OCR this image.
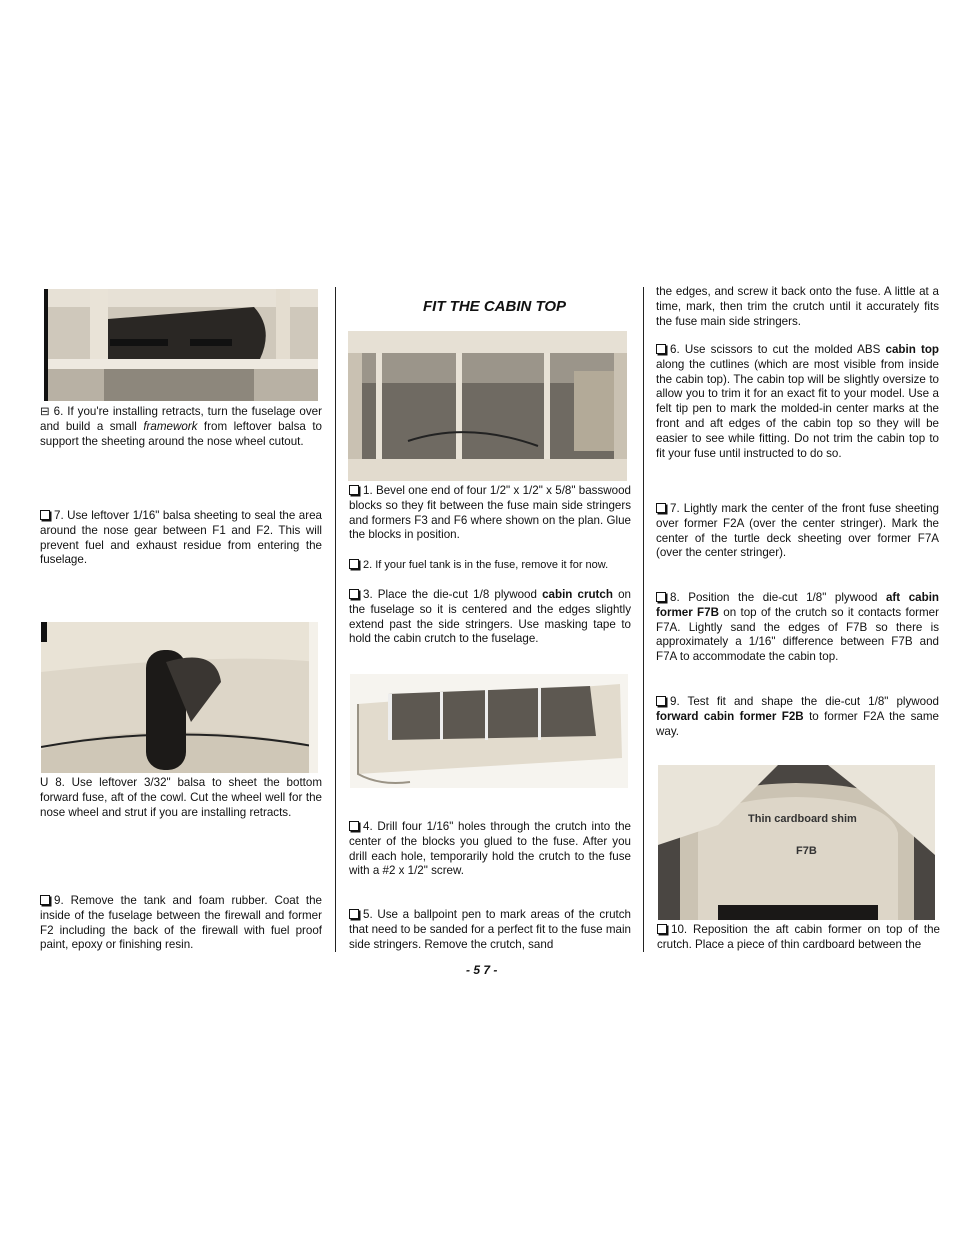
⊟ 6. If you're installing retracts, turn the fuselage over and build a small framework from leftover balsa to support the sheeting around the nose wheel cutout.

7. Use leftover 1/16" balsa sheeting to seal the area around the nose gear between F1 and F2. This will prevent fuel and exhaust residue from entering the fuselage.

U 8. Use leftover 3/32" balsa to sheet the bottom forward fuse, aft of the cowl. Cut the wheel well for the nose wheel and strut if you are installing retracts.

9. Remove the tank and foam rubber. Coat the inside of the fuselage between the firewall and former F2 including the back of the firewall with fuel proof paint, epoxy or finishing resin.

FIT THE CABIN TOP

1. Bevel one end of four 1/2" x 1/2" x 5/8" basswood blocks so they fit between the fuse main side stringers and formers F3 and F6 where shown on the plan. Glue the blocks in position.

2. If your fuel tank is in the fuse, remove it for now.

3. Place the die-cut 1/8 plywood cabin crutch on the fuselage so it is centered and the edges slightly extend past the side stringers. Use masking tape to hold the cabin crutch to the fuselage.

4. Drill four 1/16" holes through the crutch into the center of the blocks you glued to the fuse. After you drill each hole, temporarily hold the crutch to the fuse with a #2 x 1/2" screw.

5. Use a ballpoint pen to mark areas of the crutch that need to be sanded for a perfect fit to the fuse main side stringers. Remove the crutch, sand

the edges, and screw it back onto the fuse. A little at a time, mark, then trim the crutch until it accurately fits the fuse main side stringers.

6. Use scissors to cut the molded ABS cabin top along the cutlines (which are most visible from inside the cabin top). The cabin top will be slightly oversize to allow you to trim it for an exact fit to your model. Use a felt tip pen to mark the molded-in center marks at the front and aft edges of the cabin top so they will be easier to see while fitting. Do not trim the cabin top to fit your fuse until instructed to do so.

7. Lightly mark the center of the front fuse sheeting over former F2A (over the center stringer). Mark the center of the turtle deck sheeting over former F7A (over the center stringer).

8. Position the die-cut 1/8" plywood aft cabin former F7B on top of the crutch so it contacts former F7A. Lightly sand the edges of F7B so there is approximately a 1/16" difference between F7B and F7A to accommodate the cabin top.

9. Test fit and shape the die-cut 1/8" plywood forward cabin former F2B to former F2A the same way.

Thin cardboard shim
F7B

10. Reposition the aft cabin former on top of the crutch. Place a piece of thin cardboard between the

- 5 7 -
